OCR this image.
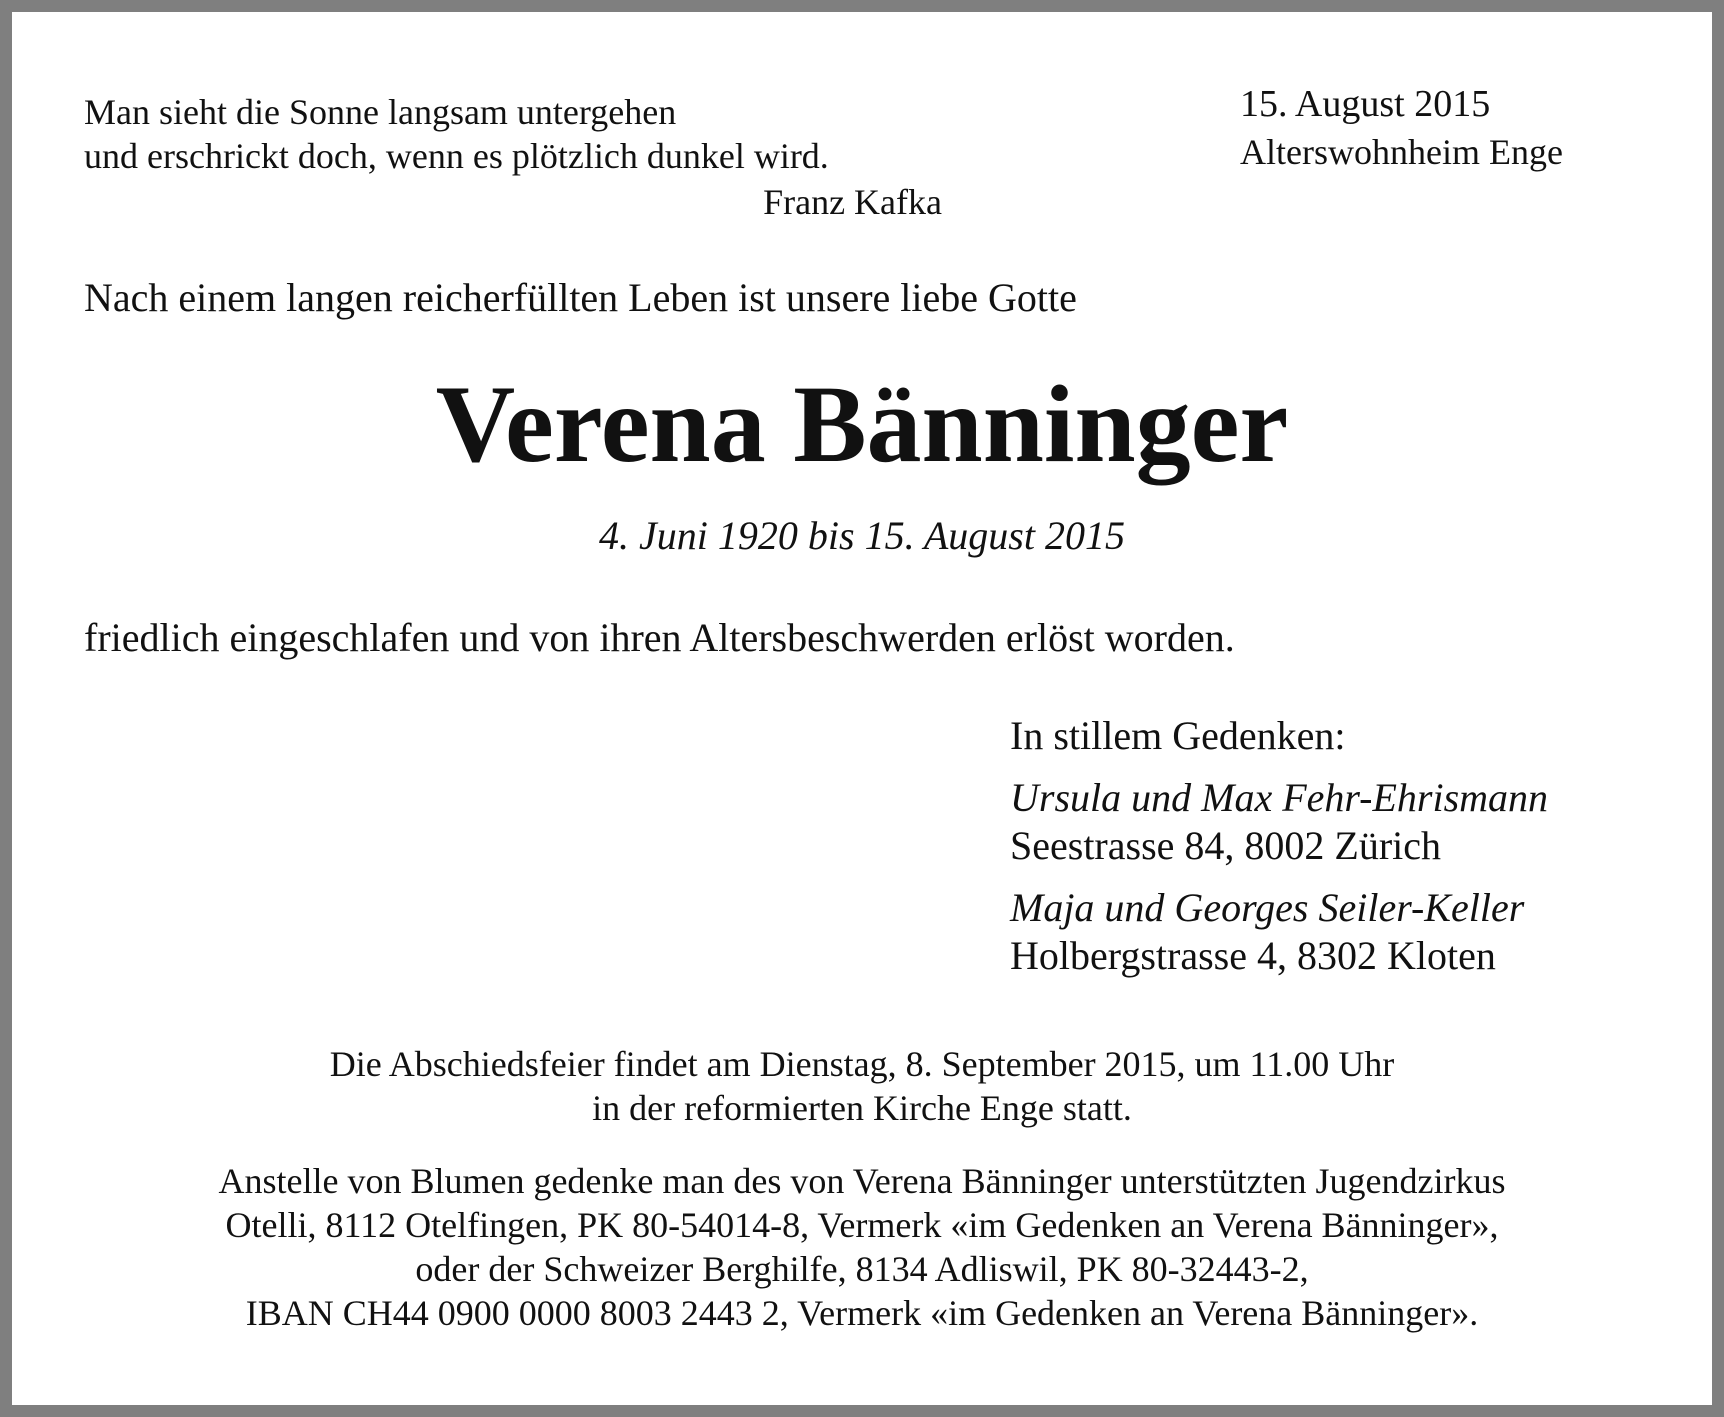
Man sieht die Sonne langsam untergehen
und erschrickt doch, wenn es plötzlich dunkel wird.
Franz Kafka
15. August 2015
Alterswohnheim Enge
Nach einem langen reicherfüllten Leben ist unsere liebe Gotte
Verena Bänninger
4. Juni 1920 bis 15. August 2015
friedlich eingeschlafen und von ihren Altersbeschwerden erlöst worden.
In stillem Gedenken:
Ursula und Max Fehr-Ehrismann
Seestrasse 84, 8002 Zürich
Maja und Georges Seiler-Keller
Holbergstrasse 4, 8302 Kloten
Die Abschiedsfeier findet am Dienstag, 8. September 2015, um 11.00 Uhr
in der reformierten Kirche Enge statt.
Anstelle von Blumen gedenke man des von Verena Bänninger unterstützten Jugendzirkus
Otelli, 8112 Otelfingen, PK 80-54014-8, Vermerk «im Gedenken an Verena Bänninger»,
oder der Schweizer Berghilfe, 8134 Adliswil, PK 80-32443-2,
IBAN CH44 0900 0000 8003 2443 2, Vermerk «im Gedenken an Verena Bänninger».
